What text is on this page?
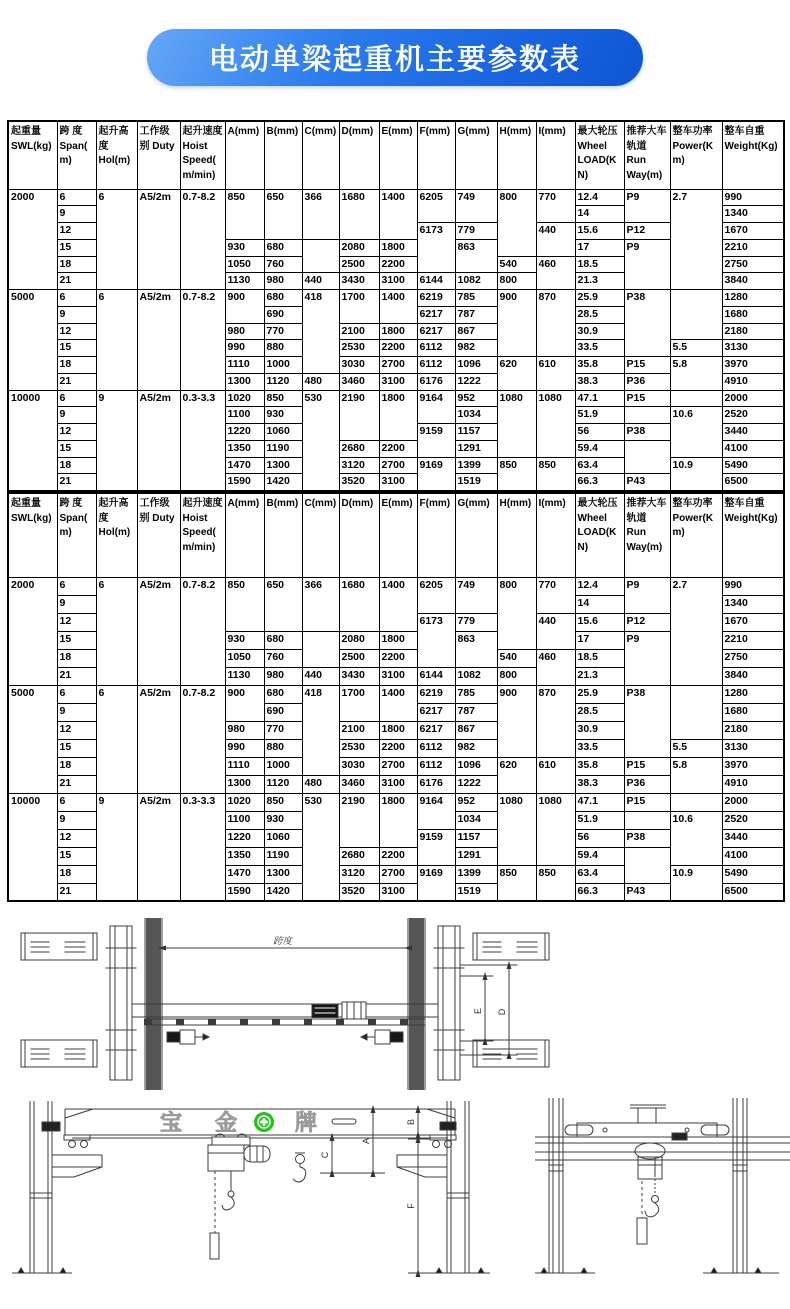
电动单梁起重机主要参数表
起重量 SWL(kg)	跨 度 Span(m)	起升高度 Hol(m)	工作级别 Duty	起升速度 Hoist Speed( m/min)	A(mm)	B(mm)	C(mm)	D(mm)	E(mm)	F(mm)	G(mm)	H(mm)	I(mm)	最大轮压 Wheel LOAD(KN)	推荐大车轨道 Run Way(m)	整车功率 Power(Km)	整车自重 Weight(Kg)
2000	6	6	A5/2m	0.7-8.2	850	650	366	1680	1400	6205	749	800	770	12.4	P9	2.7	990
	9													14			1340
	12									6173	779		440	15.6	P12		1670
	15				930	680		2080	1800		863			17	P9		2210
	18				1050	760		2500	2200			540	460	18.5			2750
	21				1130	980	440	3430	3100	6144	1082	800		21.3			3840
5000	6	6	A5/2m	0.7-8.2	900	680	418	1700	1400	6219	785	900	870	25.9	P38		1280
	9					690				6217	787			28.5			1680
	12				980	770		2100	1800	6217	867			30.9			2180
	15				990	880		2530	2200	6112	982			33.5		5.5	3130
	18				1110	1000		3030	2700	6112	1096	620	610	35.8	P15	5.8	3970
	21				1300	1120	480	3460	3100	6176	1222			38.3	P36		4910
10000	6	9	A5/2m	0.3-3.3	1020	850	530	2190	1800	9164	952	1080	1080	47.1	P15		2000
	9				1100	930					1034			51.9		10.6	2520
	12				1220	1060				9159	1157			56	P38		3440
	15				1350	1190		2680	2200		1291			59.4			4100
	18				1470	1300		3120	2700	9169	1399	850	850	63.4		10.9	5490
	21				1590	1420		3520	3100		1519			66.3	P43		6500
起重量 SWL(kg)	跨 度 Span(m)	起升高度 Hol(m)	工作级别 Duty	起升速度 Hoist Speed( m/min)	A(mm)	B(mm)	C(mm)	D(mm)	E(mm)	F(mm)	G(mm)	H(mm)	I(mm)	最大轮压 Wheel LOAD(KN)	推荐大车轨道 Run Way(m)	整车功率 Power(Km)	整车自重 Weight(Kg)
2000	6	6	A5/2m	0.7-8.2	850	650	366	1680	1400	6205	749	800	770	12.4	P9	2.7	990
	9													14			1340
	12									6173	779		440	15.6	P12		1670
	15				930	680		2080	1800		863			17	P9		2210
	18				1050	760		2500	2200			540	460	18.5			2750
	21				1130	980	440	3430	3100	6144	1082	800		21.3			3840
5000	6	6	A5/2m	0.7-8.2	900	680	418	1700	1400	6219	785	900	870	25.9	P38		1280
	9					690				6217	787			28.5			1680
	12				980	770		2100	1800	6217	867			30.9			2180
	15				990	880		2530	2200	6112	982			33.5		5.5	3130
	18				1110	1000		3030	2700	6112	1096	620	610	35.8	P15	5.8	3970
	21				1300	1120	480	3460	3100	6176	1222			38.3	P36		4910
10000	6	9	A5/2m	0.3-3.3	1020	850	530	2190	1800	9164	952	1080	1080	47.1	P15		2000
	9				1100	930					1034			51.9		10.6	2520
	12				1220	1060				9159	1157			56	P38		3440
	15				1350	1190		2680	2200		1291			59.4			4100
	18				1470	1300		3120	2700	9169	1399	850	850	63.4		10.9	5490
	21				1590	1420		3520	3100		1519			66.3	P43		6500
跨度
E D
宝 金	牌	B
F
A
C
